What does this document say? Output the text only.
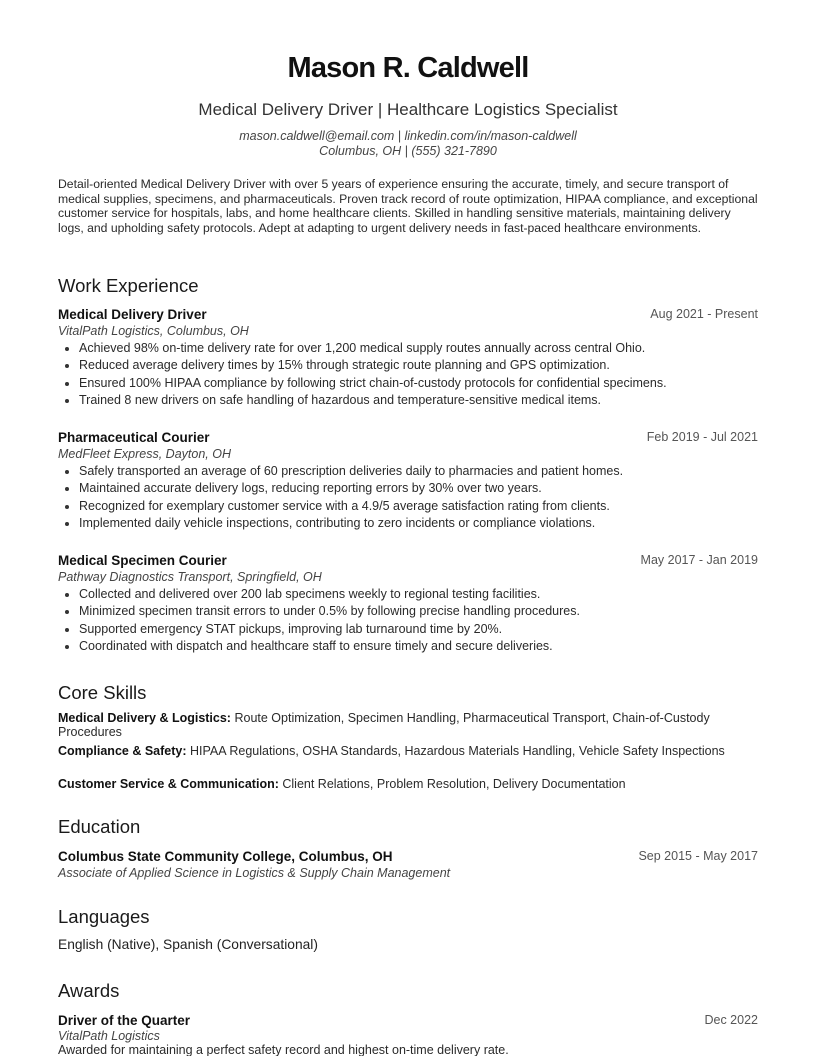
Mason R. Caldwell
Medical Delivery Driver | Healthcare Logistics Specialist
mason.caldwell@email.com | linkedin.com/in/mason-caldwell
Columbus, OH | (555) 321-7890
Detail-oriented Medical Delivery Driver with over 5 years of experience ensuring the accurate, timely, and secure transport of medical supplies, specimens, and pharmaceuticals. Proven track record of route optimization, HIPAA compliance, and exceptional customer service for hospitals, labs, and home healthcare clients. Skilled in handling sensitive materials, maintaining delivery logs, and upholding safety protocols. Adept at adapting to urgent delivery needs in fast-paced healthcare environments.
Work Experience
Medical Delivery Driver	Aug 2021 - Present
VitalPath Logistics, Columbus, OH
Achieved 98% on-time delivery rate for over 1,200 medical supply routes annually across central Ohio.
Reduced average delivery times by 15% through strategic route planning and GPS optimization.
Ensured 100% HIPAA compliance by following strict chain-of-custody protocols for confidential specimens.
Trained 8 new drivers on safe handling of hazardous and temperature-sensitive medical items.
Pharmaceutical Courier	Feb 2019 - Jul 2021
MedFleet Express, Dayton, OH
Safely transported an average of 60 prescription deliveries daily to pharmacies and patient homes.
Maintained accurate delivery logs, reducing reporting errors by 30% over two years.
Recognized for exemplary customer service with a 4.9/5 average satisfaction rating from clients.
Implemented daily vehicle inspections, contributing to zero incidents or compliance violations.
Medical Specimen Courier	May 2017 - Jan 2019
Pathway Diagnostics Transport, Springfield, OH
Collected and delivered over 200 lab specimens weekly to regional testing facilities.
Minimized specimen transit errors to under 0.5% by following precise handling procedures.
Supported emergency STAT pickups, improving lab turnaround time by 20%.
Coordinated with dispatch and healthcare staff to ensure timely and secure deliveries.
Core Skills
Medical Delivery & Logistics: Route Optimization, Specimen Handling, Pharmaceutical Transport, Chain-of-Custody Procedures
Compliance & Safety: HIPAA Regulations, OSHA Standards, Hazardous Materials Handling, Vehicle Safety Inspections
Customer Service & Communication: Client Relations, Problem Resolution, Delivery Documentation
Education
Columbus State Community College, Columbus, OH	Sep 2015 - May 2017
Associate of Applied Science in Logistics & Supply Chain Management
Languages
English (Native), Spanish (Conversational)
Awards
Driver of the Quarter	Dec 2022
VitalPath Logistics
Awarded for maintaining a perfect safety record and highest on-time delivery rate.
